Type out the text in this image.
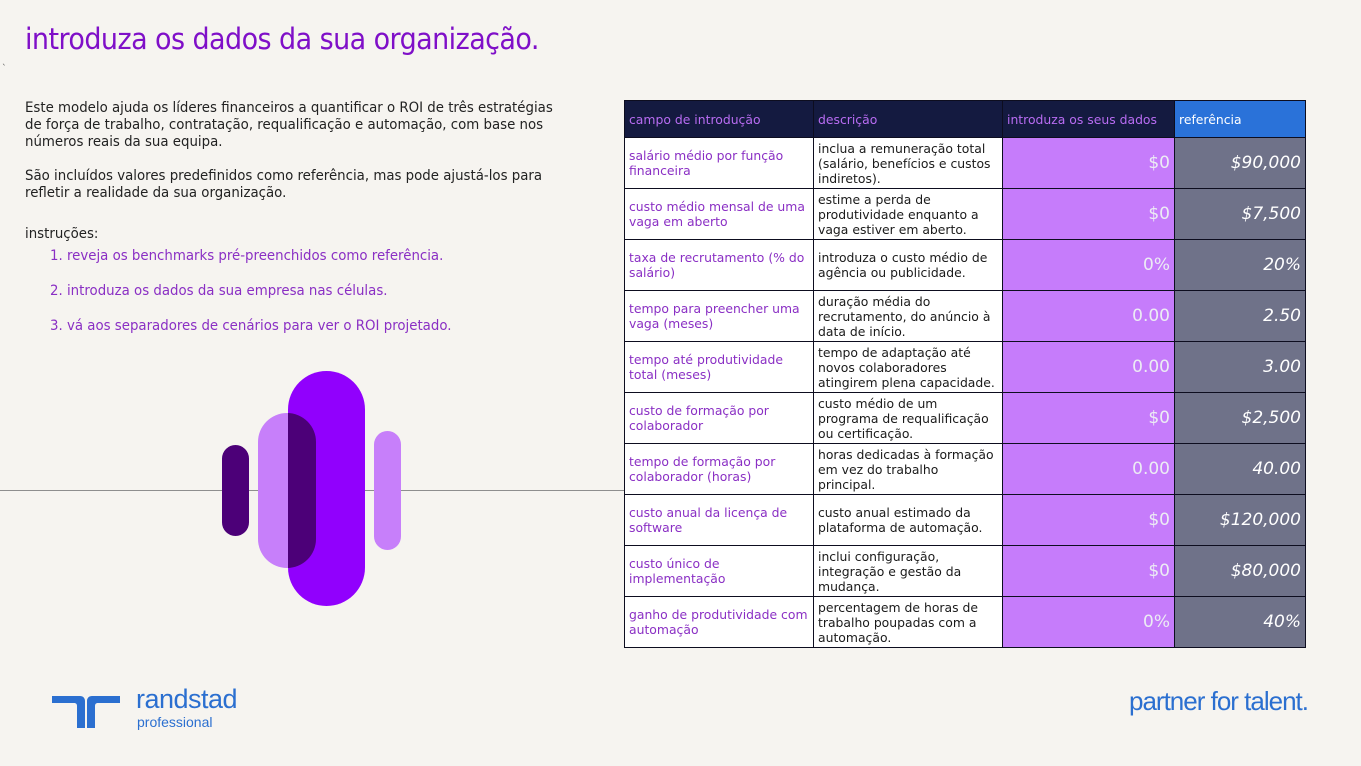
introduza os dados da sua organização.
`

Este modelo ajuda os líderes financeiros a quantificar o ROI de três estratégias de força de trabalho, contratação, requalificação e automação, com base nos números reais da sua equipa.

São incluídos valores predefinidos como referência, mas pode ajustá-los para refletir a realidade da sua organização.

instruções:
1. reveja os benchmarks pré-preenchidos como referência.
2. introduza os dados da sua empresa nas células.
3. vá aos separadores de cenários para ver o ROI projetado.
campo de introdução	descrição	introduza os seus dados	referência
salário médio por função financeira	inclua a remuneração total (salário, benefícios e custos indiretos).	$0	$90,000
custo médio mensal de uma vaga em aberto	estime a perda de produtividade enquanto a vaga estiver em aberto.	$0	$7,500
taxa de recrutamento (% do salário)	introduza o custo médio de agência ou publicidade.	0%	20%
tempo para preencher uma vaga (meses)	duração média do recrutamento, do anúncio à data de início.	0.00	2.50
tempo até produtividade total (meses)	tempo de adaptação até novos colaboradores atingirem plena capacidade.	0.00	3.00
custo de formação por colaborador	custo médio de um programa de requalificação ou certificação.	$0	$2,500
tempo de formação por colaborador (horas)	horas dedicadas à formação em vez do trabalho principal.	0.00	40.00
custo anual da licença de software	custo anual estimado da plataforma de automação.	$0	$120,000
custo único de implementação	inclui configuração, integração e gestão da mudança.	$0	$80,000
ganho de produtividade com automação	percentagem de horas de trabalho poupadas com a automação.	0%	40%
randstad
professional
partner for talent.
